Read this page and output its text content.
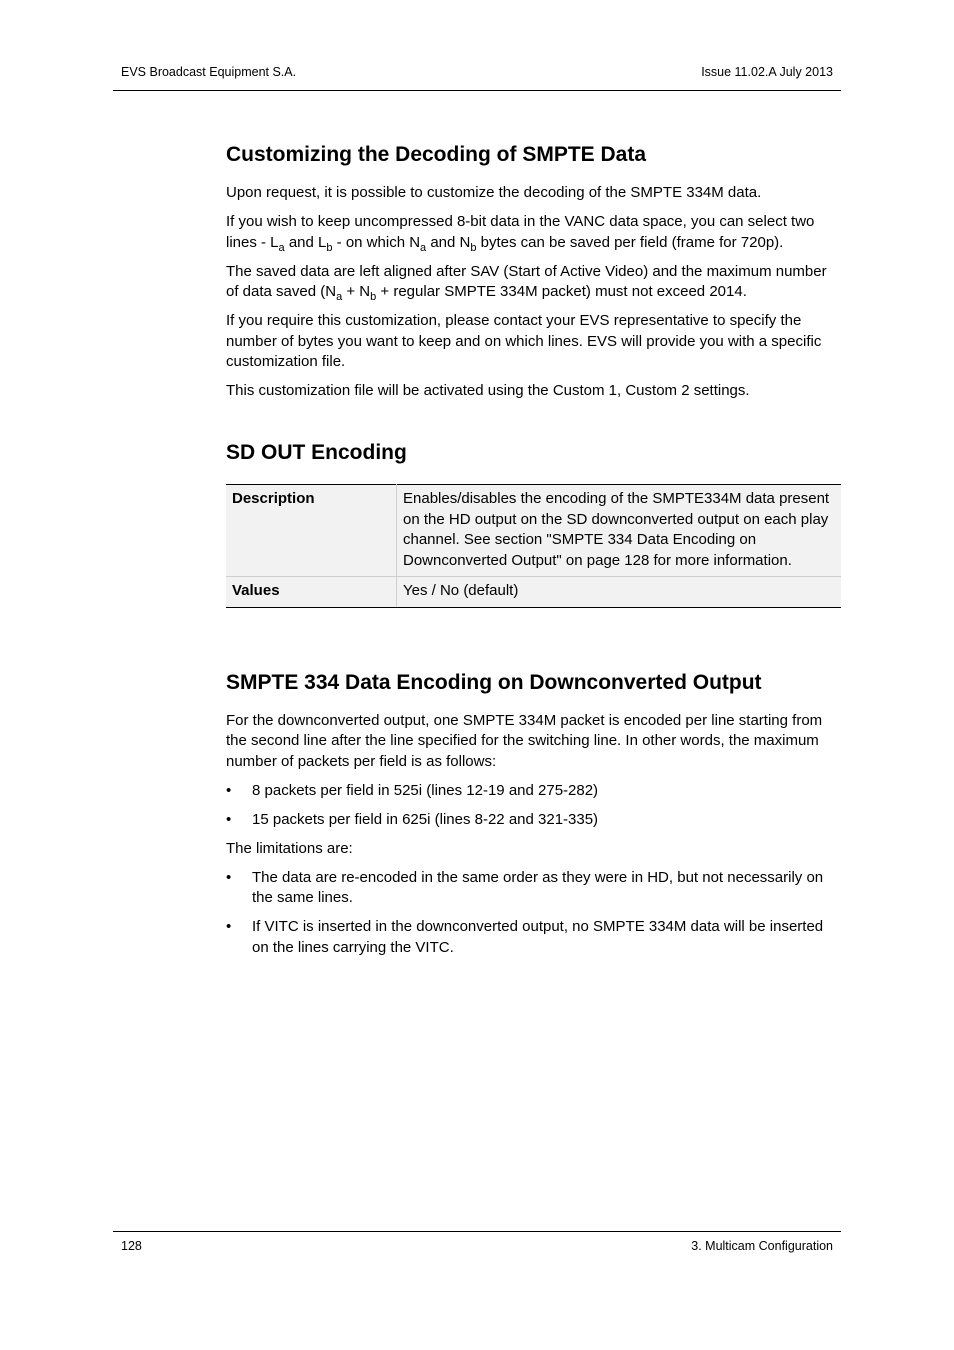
EVS Broadcast Equipment S.A.	Issue 11.02.A July 2013
Customizing the Decoding of SMPTE Data

Upon request, it is possible to customize the decoding of the SMPTE 334M data.

If you wish to keep uncompressed 8-bit data in the VANC data space, you can select two lines - $L_a$ and $L_b$ - on which $N_a$ and $N_b$ bytes can be saved per field (frame for 720p).

The saved data are left aligned after SAV (Start of Active Video) and the maximum number of data saved ($N_a + N_b$ + regular SMPTE 334M packet) must not exceed 2014.

If you require this customization, please contact your EVS representative to specify the number of bytes you want to keep and on which lines. EVS will provide you with a specific customization file.

This customization file will be activated using the Custom 1, Custom 2 settings.

SD OUT Encoding
Description	Enables/disables the encoding of the SMPTE334M data present on the HD output on the SD downconverted output on each play channel. See section "SMPTE 334 Data Encoding on Downconverted Output" on page 128 for more information.
Values	Yes / No (default)
SMPTE 334 Data Encoding on Downconverted Output

For the downconverted output, one SMPTE 334M packet is encoded per line starting from the second line after the line specified for the switching line. In other words, the maximum number of packets per field is as follows:

• 8 packets per field in 525i (lines 12-19 and 275-282)
• 15 packets per field in 625i (lines 8-22 and 321-335)

The limitations are:

• The data are re-encoded in the same order as they were in HD, but not necessarily on the same lines.
• If VITC is inserted in the downconverted output, no SMPTE 334M data will be inserted on the lines carrying the VITC.
128	3. Multicam Configuration
